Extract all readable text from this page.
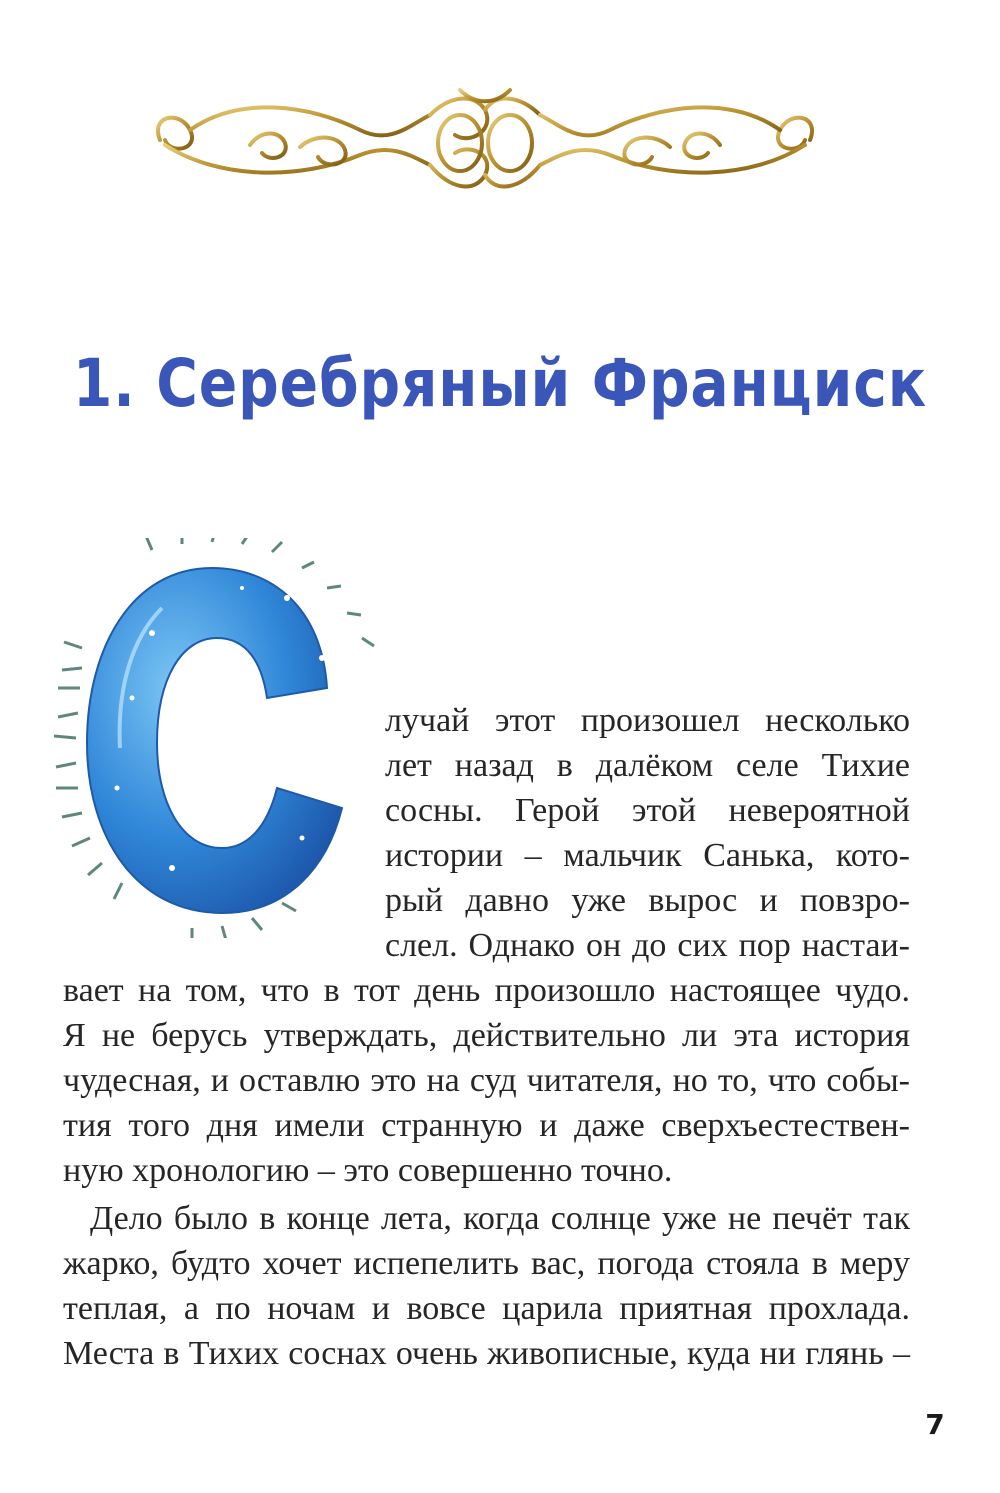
1. Серебряный Франциск

лучай этот произошел несколько

лет назад в далёком селе Тихие

сосны. Герой этой невероятной

истории – мальчик Санька, кото-

рый давно уже вырос и повзро-

слел. Однако он до сих пор настаи-

вает на том, что в тот день произошло настоящее чудо.

Я не берусь утверждать, действительно ли эта история

чудесная, и оставлю это на суд читателя, но то, что собы-

тия того дня имели странную и даже сверхъестествен-

ную хронологию – это совершенно точно.

Дело было в конце лета, когда солнце уже не печёт так

жарко, будто хочет испепелить вас, погода стояла в меру

теплая, а по ночам и вовсе царила приятная прохлада.

Места в Тихих соснах очень живописные, куда ни глянь –

7
